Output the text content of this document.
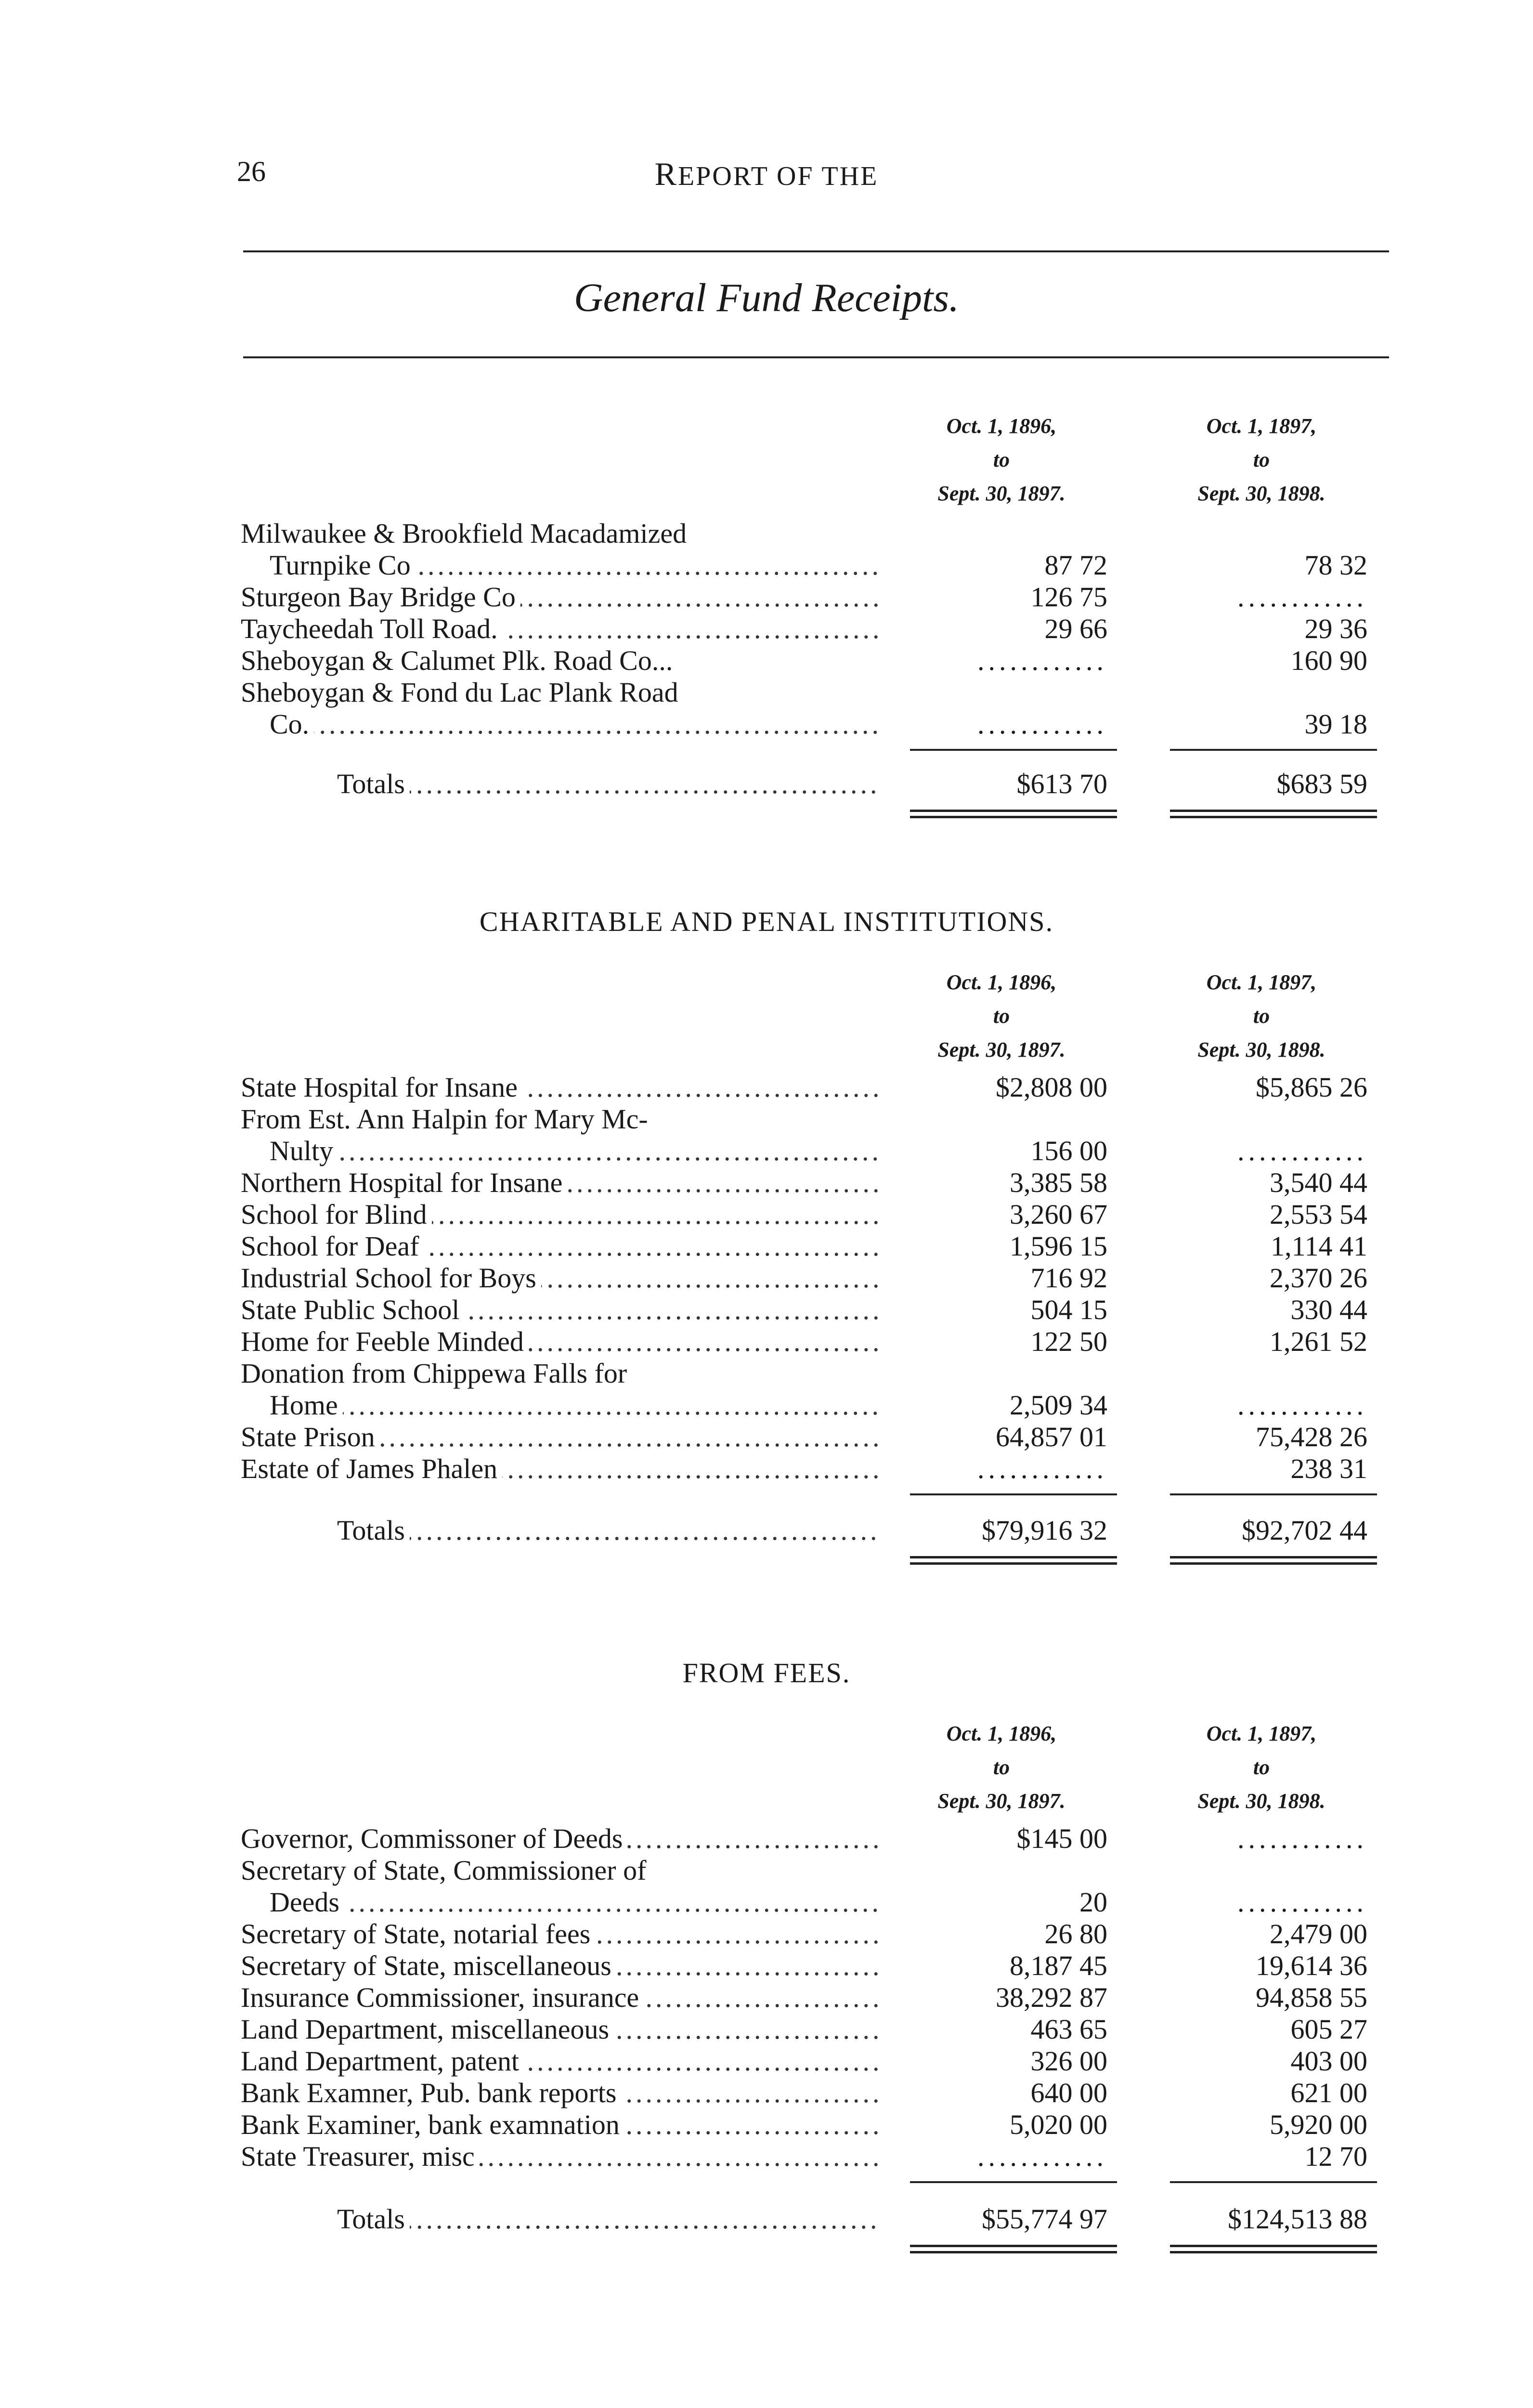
26	REPORT OF THE
General Fund Receipts.
Oct. 1, 1896,
to
Sept. 30, 1897.
Oct. 1, 1897,
to
Sept. 30, 1898.
Milwaukee & Brookfield Macadamized
Turnpike Co .....	87 72	78 32
Sturgeon Bay Bridge Co .....	126 75	............
Taycheedah Toll Road. .....	29 66	29 36
Sheboygan & Calumet Plk. Road Co...	............	160 90
Sheboygan & Fond du Lac Plank Road
Co. .....	............	39 18
Totals .....	$613 70	$683 59
CHARITABLE AND PENAL INSTITUTIONS.
Oct. 1, 1896,
to
Sept. 30, 1897.
Oct. 1, 1897,
to
Sept. 30, 1898.
State Hospital for Insane .....	$2,808 00	$5,865 26
From Est. Ann Halpin for Mary Mc-
Nulty .....	156 00	............
Northern Hospital for Insane .....	3,385 58	3,540 44
School for Blind .....	3,260 67	2,553 54
School for Deaf .....	1,596 15	1,114 41
Industrial School for Boys .....	716 92	2,370 26
State Public School .....	504 15	330 44
Home for Feeble Minded .....	122 50	1,261 52
Donation from Chippewa Falls for
Home .....	2,509 34	............
State Prison .....	64,857 01	75,428 26
Estate of James Phalen .....	............	238 31
Totals .....	$79,916 32	$92,702 44
FROM FEES.
Oct. 1, 1896,
to
Sept. 30, 1897.
Oct. 1, 1897,
to
Sept. 30, 1898.
Governor, Commissoner of Deeds .....	$145 00	............
Secretary of State, Commissioner of
Deeds .....	20	............
Secretary of State, notarial fees .....	26 80	2,479 00
Secretary of State, miscellaneous .....	8,187 45	19,614 36
Insurance Commissioner, insurance .....	38,292 87	94,858 55
Land Department, miscellaneous .....	463 65	605 27
Land Department, patent .....	326 00	403 00
Bank Examner, Pub. bank reports .....	640 00	621 00
Bank Examiner, bank examnation .....	5,020 00	5,920 00
State Treasurer, misc .....	............	12 70
Totals .....	$55,774 97	$124,513 88
